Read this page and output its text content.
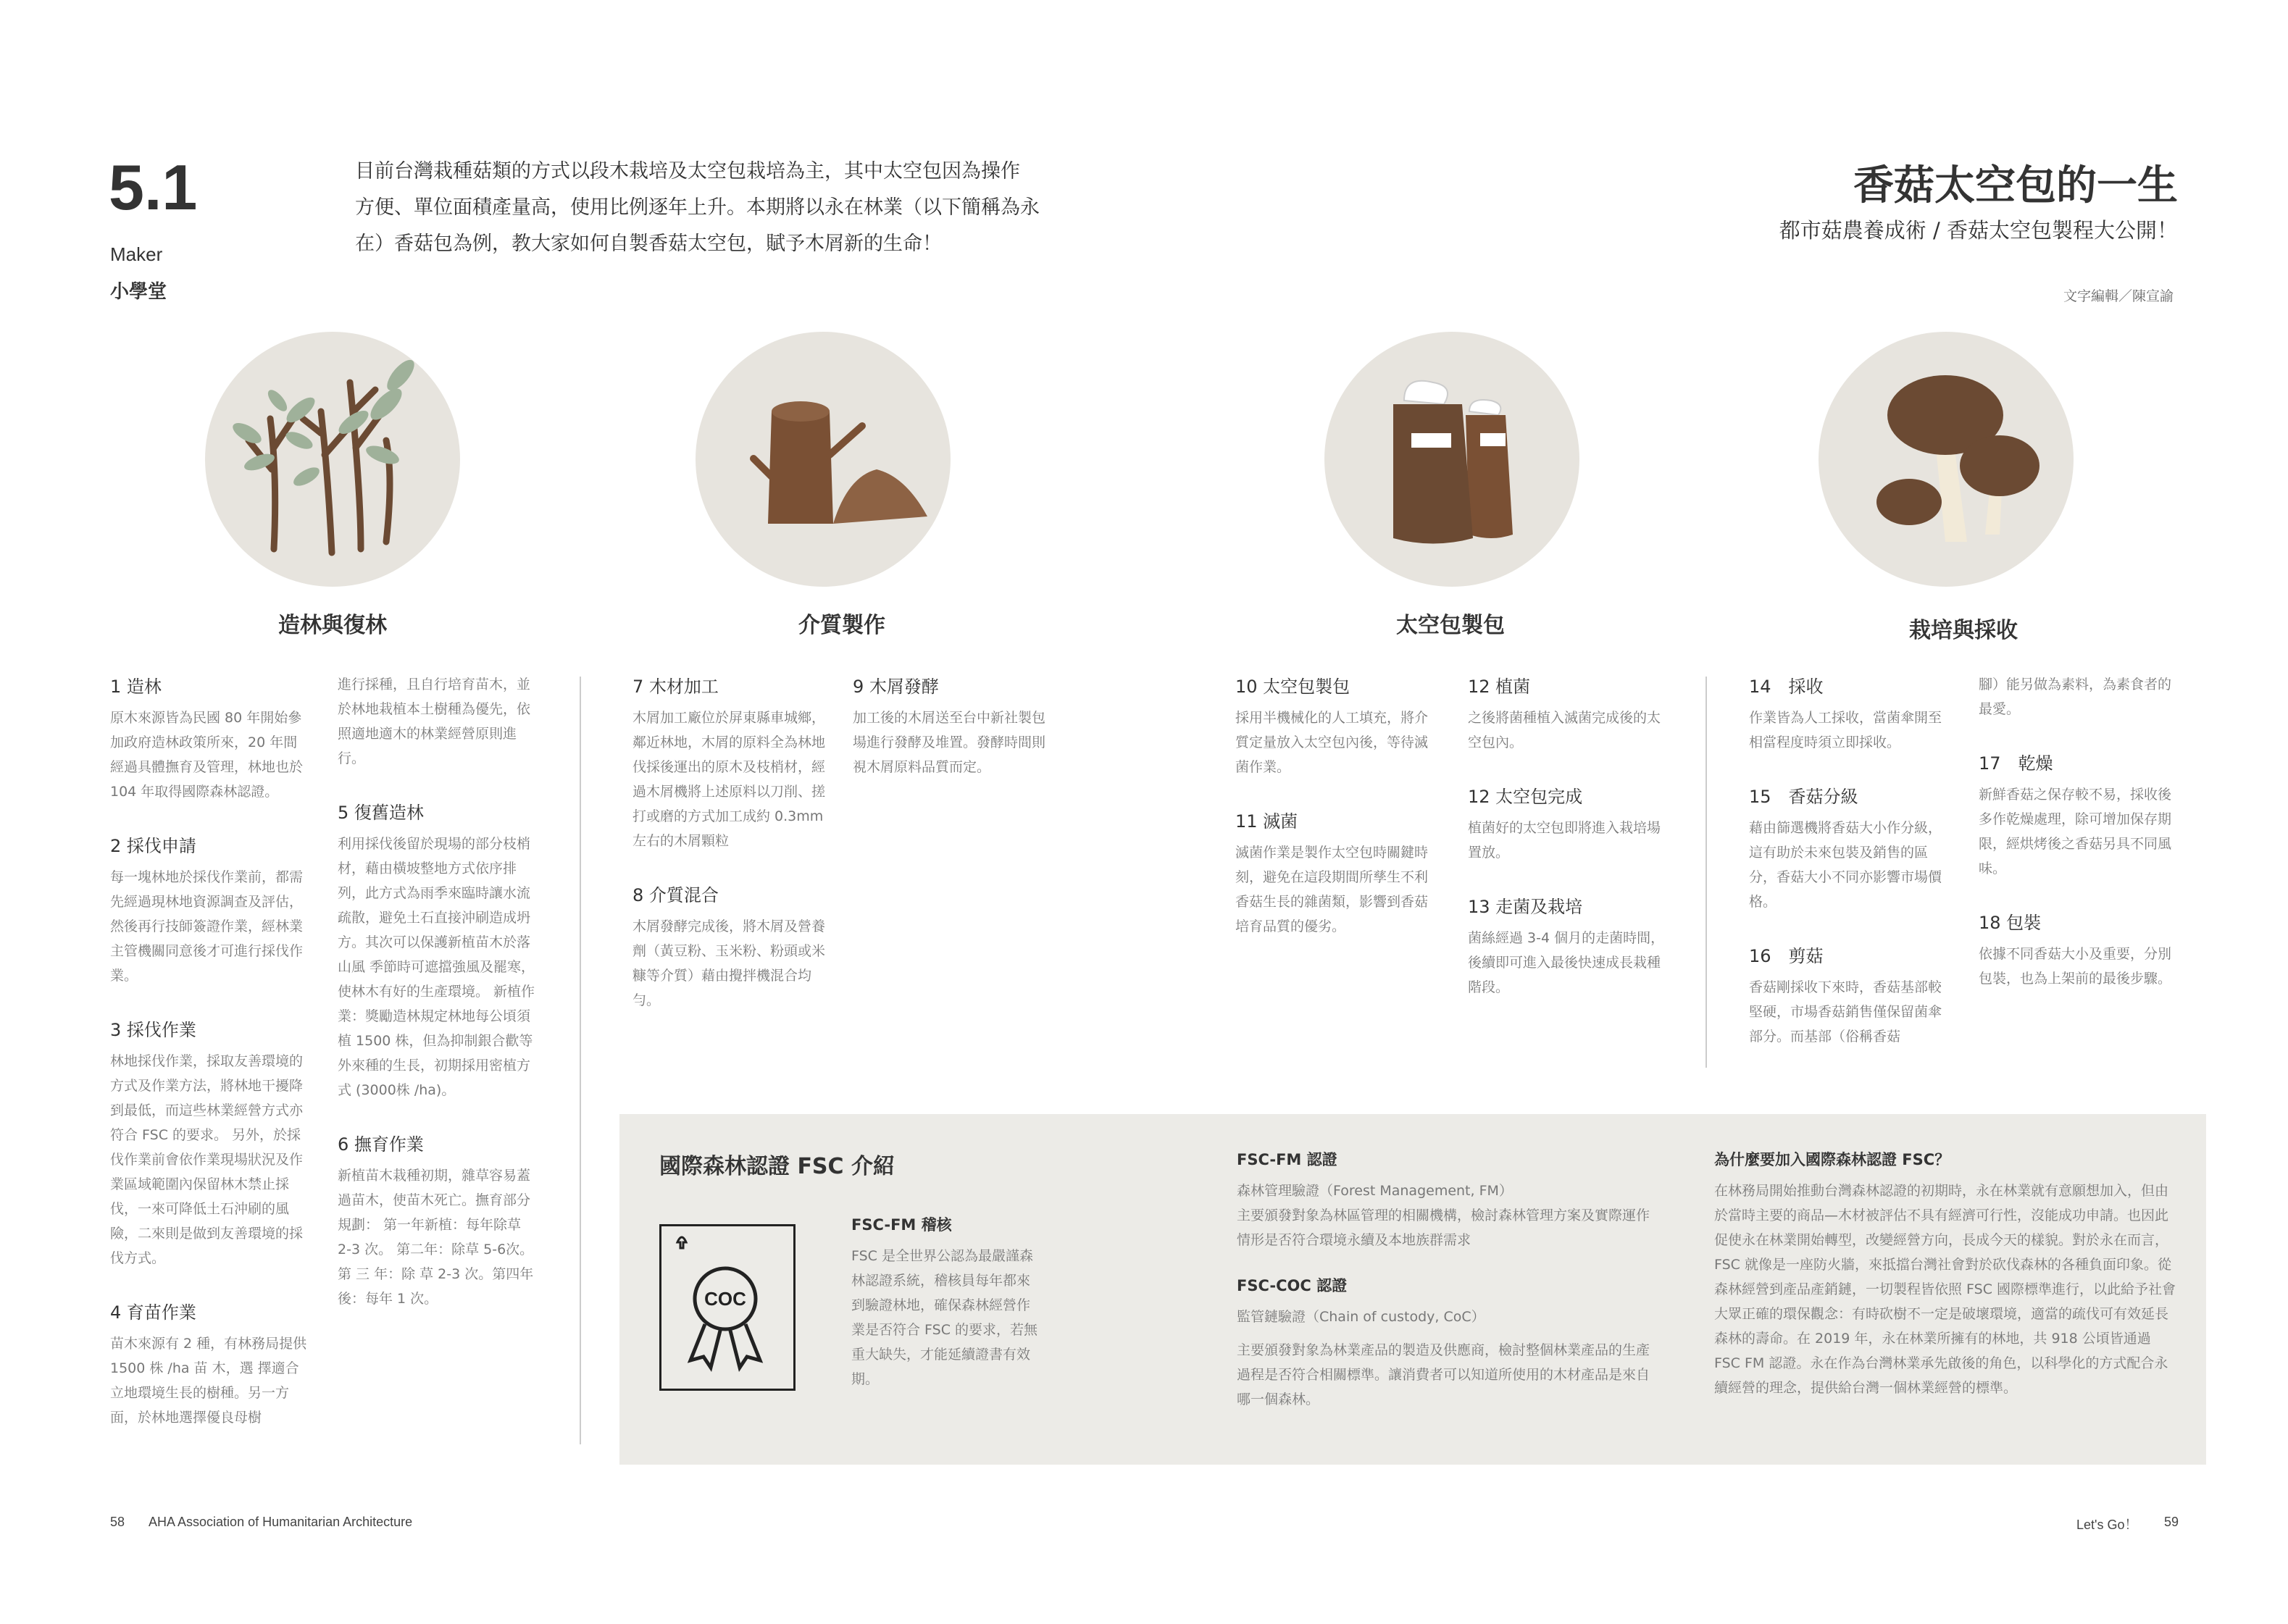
5.1
Maker
小學堂
目前台灣栽種菇類的方式以段木栽培及太空包栽培為主，其中太空包因為操作
方便、單位面積產量高，使用比例逐年上升。本期將以永在林業（以下簡稱為永
在）香菇包為例，教大家如何自製香菇太空包，賦予木屑新的生命！
香菇太空包的一生
都市菇農養成術 / 香菇太空包製程大公開！
文字編輯／陳宣諭
造林與復林	介質製作	太空包製包	栽培與採收
1 造林
原木來源皆為民國 80 年開始參加政府造林政策所來，20 年間經過具體撫育及管理，林地也於 104 年取得國際森林認證。
2 採伐申請
每一塊林地於採伐作業前，都需先經過現林地資源調查及評估，然後再行技師簽證作業，經林業主管機關同意後才可進行採伐作業。
3 採伐作業
林地採伐作業，採取友善環境的方式及作業方法，將林地干擾降到最低，而這些林業經營方式亦符合 FSC 的要求。 另外，於採伐作業前會依作業現場狀況及作業區域範圍內保留林木禁止採伐，一來可降低土石沖刷的風險，二來則是做到友善環境的採伐方式。
4 育苗作業
苗木來源有 2 種，有林務局提供 1500 株 /ha 苗 木，選 擇適合立地環境生長的樹種。另一方面，於林地選擇優良母樹
進行採種，且自行培育苗木，並於林地栽植本土樹種為優先，依照適地適木的林業經營原則進行。
5 復舊造林
利用採伐後留於現場的部分枝梢材，藉由橫坡整地方式依序排列，此方式為雨季來臨時讓水流疏散，避免土石直接沖刷造成坍方。其次可以保護新植苗木於落山風 季節時可遮擋強風及罷寒，使林木有好的生產環境。 新植作業：獎勵造林規定林地每公頃須植 1500 株，但為抑制銀合歡等外來種的生長，初期採用密植方式 (3000株 /ha)。
6 撫育作業
新植苗木栽種初期，雜草容易蓋過苗木，使苗木死亡。撫育部分規劃： 第一年新植：每年除草 2-3 次。 第二年：除草 5-6次。 第 三 年：除 草 2-3 次。第四年後：每年 1 次。
7 木材加工
木屑加工廠位於屏東縣車城鄉，鄰近林地，木屑的原料全為林地伐採後運出的原木及枝梢材，經過木屑機將上述原料以刀削、搓打或磨的方式加工成約 0.3mm 左右的木屑顆粒
8 介質混合
木屑發酵完成後，將木屑及營養劑（黃豆粉、玉米粉、粉頭或米糠等介質）藉由攪拌機混合均勻。
9 木屑發酵
加工後的木屑送至台中新社製包場進行發酵及堆置。發酵時間則視木屑原料品質而定。
10 太空包製包
採用半機械化的人工填充，將介質定量放入太空包內後，等待滅菌作業。
11 滅菌
滅菌作業是製作太空包時關鍵時刻，避免在這段期間所孳生不利香菇生長的雜菌類，影響到香菇培育品質的優劣。
12 植菌
之後將菌種植入滅菌完成後的太空包內。
12 太空包完成
植菌好的太空包即將進入栽培場置放。
13 走菌及栽培
菌絲經過 3-4 個月的走菌時間，後續即可進入最後快速成長栽種階段。
14　採收
作業皆為人工採收，當菌傘開至相當程度時須立即採收。
15　香菇分級
藉由篩選機將香菇大小作分級，這有助於未來包裝及銷售的區分，香菇大小不同亦影響市場價格。
16　剪菇
香菇剛採收下來時，香菇基部較堅硬，市場香菇銷售僅保留菌傘部分。而基部（俗稱香菇
腳）能另做為素料，為素食者的最愛。
17　乾燥
新鮮香菇之保存較不易，採收後多作乾燥處理，除可增加保存期限，經烘烤後之香菇另具不同風味。
18 包裝
依據不同香菇大小及重要，分別包裝，也為上架前的最後步驟。
國際森林認證 FSC 介紹
COC
FSC-FM 稽核
FSC 是全世界公認為最嚴謹森林認證系統，稽核員每年都來到驗證林地，確保森林經營作業是否符合 FSC 的要求，若無重大缺失，才能延續證書有效期。
FSC-FM 認證
森林管理驗證（Forest Management, FM）
主要頒發對象為林區管理的相關機構，檢討森林管理方案及實際運作情形是否符合環境永續及本地族群需求
FSC-COC 認證
監管鏈驗證（Chain of custody, CoC）
主要頒發對象為林業產品的製造及供應商，檢討整個林業產品的生產過程是否符合相關標準。讓消費者可以知道所使用的木材產品是來自哪一個森林。
為什麼要加入國際森林認證 FSC？
在林務局開始推動台灣森林認證的初期時，永在林業就有意願想加入，但由於當時主要的商品—木材被評估不具有經濟可行性，沒能成功申請。也因此促使永在林業開始轉型，改變經營方向，長成今天的樣貌。對於永在而言，FSC 就像是一座防火牆，來抵擋台灣社會對於砍伐森林的各種負面印象。從森林經營到產品產銷鏈，一切製程皆依照 FSC 國際標準進行，以此給予社會大眾正確的環保觀念：有時砍樹不一定是破壞環境，適當的疏伐可有效延長森林的壽命。在 2019 年，永在林業所擁有的林地，共 918 公頃皆通過 FSC FM 認證。永在作為台灣林業承先啟後的角色，以科學化的方式配合永續經營的理念，提供給台灣一個林業經營的標準。
58 AHA Association of Humanitarian Architecture	Let's Go！ 59
